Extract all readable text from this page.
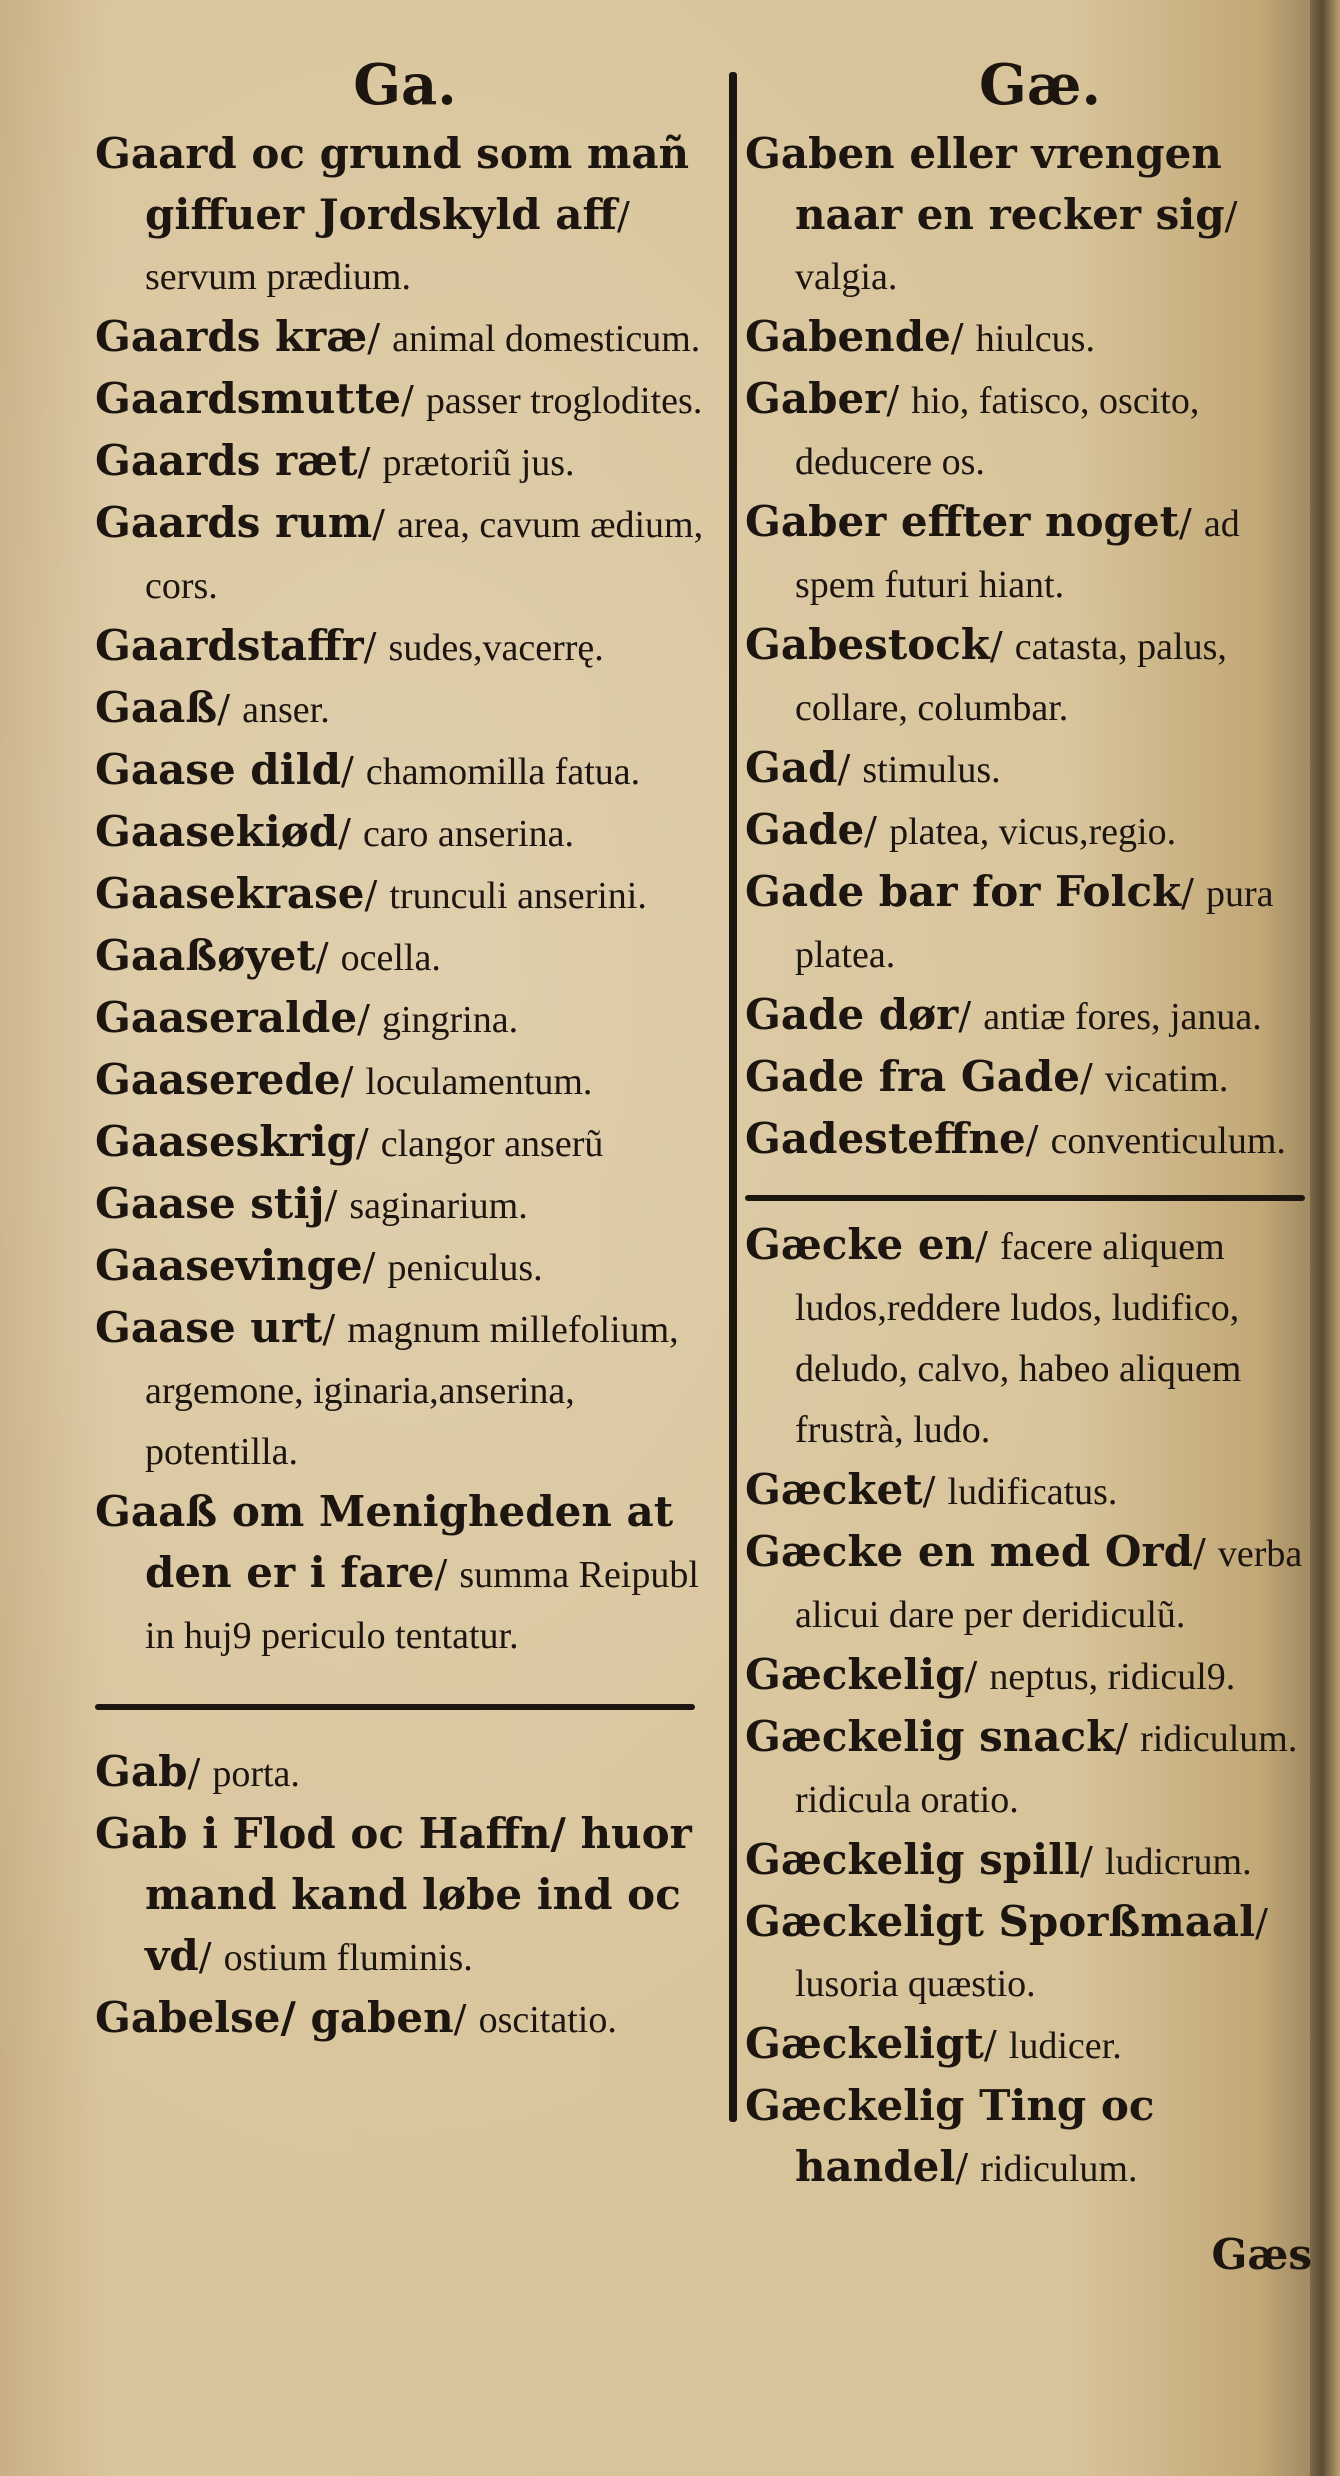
Ga.
Gaard oc grund som mañ giffuer Jordskyld aff/ servum prædium.
Gaards kræ/ animal domesticum.
Gaardsmutte/ passer troglodites.
Gaards ræt/ prætoriũ jus.
Gaards rum/ area, cavum ædium, cors.
Gaardstaffr/ sudes,vacerrę.
Gaaß/ anser.
Gaase dild/ chamomilla fatua.
Gaasekiød/ caro anserina.
Gaasekrase/ trunculi anserini.
Gaaßøyet/ ocella.
Gaaseralde/ gingrina.
Gaaserede/ loculamentum.
Gaaseskrig/ clangor anserũ
Gaase stij/ saginarium.
Gaasevinge/ peniculus.
Gaase urt/ magnum millefolium, argemone, iginaria,anserina, potentilla.
Gaaß om Menigheden at den er i fare/ summa Reipubl in huj9 periculo tentatur.
Gab/ porta.
Gab i Flod oc Haffn/ huor mand kand løbe ind oc vd/ ostium fluminis.
Gabelse/ gaben/ oscitatio.
Gæ.
Gaben eller vrengen naar en recker sig/ valgia.
Gabende/ hiulcus.
Gaber/ hio, fatisco, oscito, deducere os.
Gaber effter noget/ ad spem futuri hiant.
Gabestock/ catasta, palus, collare, columbar.
Gad/ stimulus.
Gade/ platea, vicus,regio.
Gade bar for Folck/ pura platea.
Gade dør/ antiæ fores, janua.
Gade fra Gade/ vicatim.
Gadesteffne/ conventiculum.
Gæcke en/ facere aliquem ludos,reddere ludos, ludifico, deludo, calvo, habeo aliquem frustrà, ludo.
Gæcket/ ludificatus.
Gæcke en med Ord/ verba alicui dare per deridiculũ.
Gæckelig/ neptus, ridicul9.
Gæckelig snack/ ridiculum. ridicula oratio.
Gæckelig spill/ ludicrum.
Gæckeligt Sporßmaal/ lusoria quæstio.
Gæckeligt/ ludicer.
Gæckelig Ting oc handel/ ridiculum.
Gæs
